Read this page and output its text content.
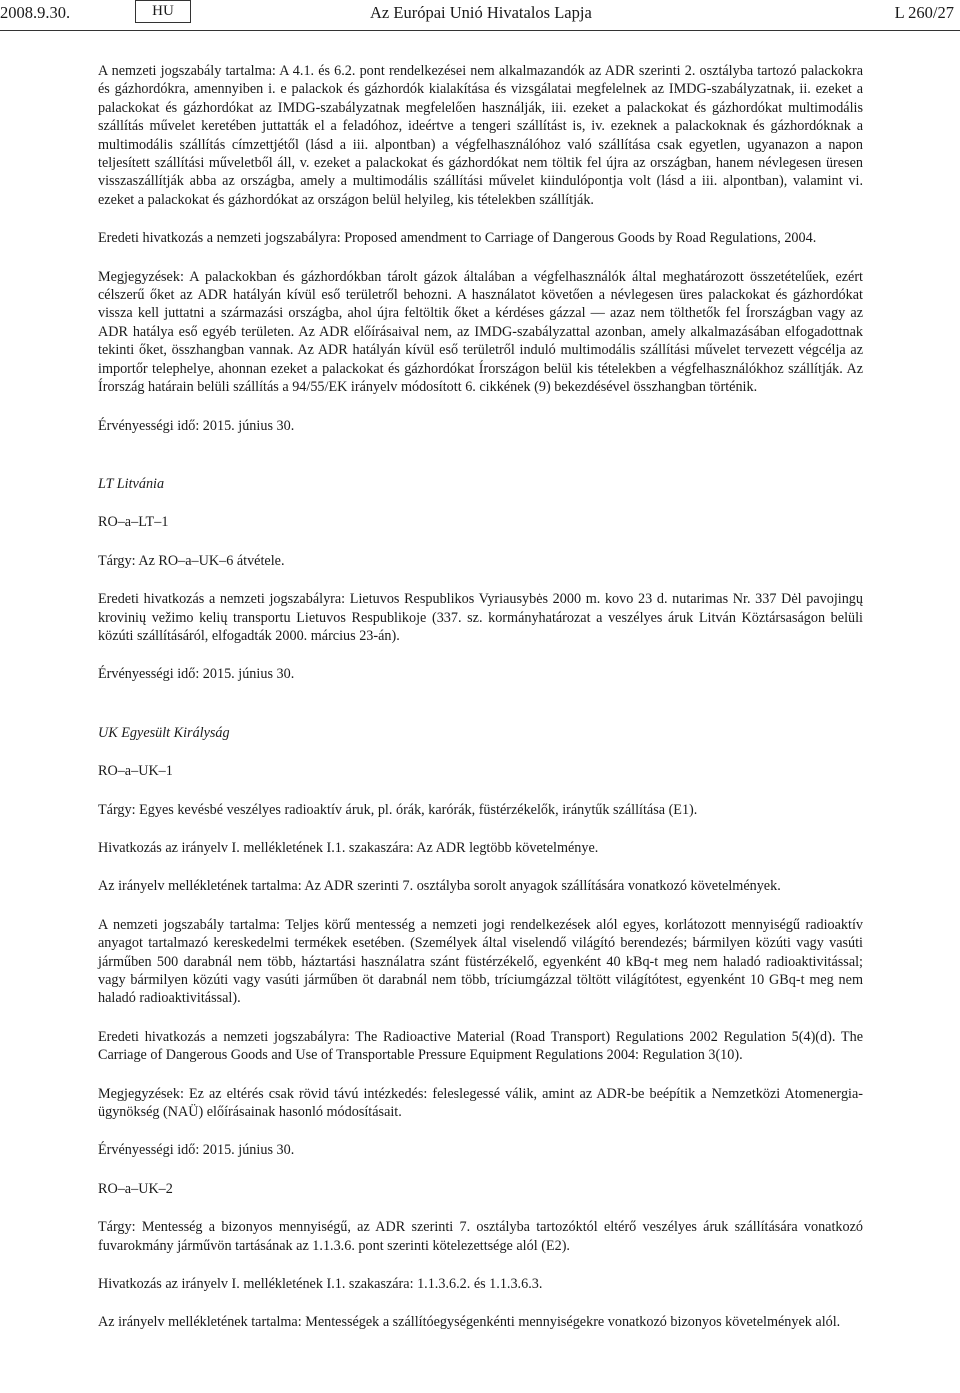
2008.9.30.	HU	Az Európai Unió Hivatalos Lapja	L 260/27

A nemzeti jogszabály tartalma: A 4.1. és 6.2. pont rendelkezései nem alkalmazandók az ADR szerinti 2. osztályba tartozó palackokra és gázhordókra, amennyiben i. e palackok és gázhordók kialakítása és vizsgálatai megfelelnek az IMDG-szabályzatnak, ii. ezeket a palackokat és gázhordókat az IMDG-szabályzatnak megfelelően használják, iii. ezeket a palackokat és gázhordókat multimodális szállítás művelet keretében juttatták el a feladóhoz, ideértve a tengeri szállítást is, iv. ezeknek a palackoknak és gázhordóknak a multimodális szállítás címzettjétől (lásd a iii. alpontban) a végfelhasználóhoz való szállítása csak egyetlen, ugyanazon a napon teljesített szállítási műveletből áll, v. ezeket a palackokat és gázhordókat nem töltik fel újra az országban, hanem névlegesen üresen visszaszállítják abba az országba, amely a multimodális szállítási művelet kiindulópontja volt (lásd a iii. alpontban), valamint vi. ezeket a palackokat és gázhordókat az országon belül helyileg, kis tételekben szállítják.

Eredeti hivatkozás a nemzeti jogszabályra: Proposed amendment to Carriage of Dangerous Goods by Road Regulations, 2004.

Megjegyzések: A palackokban és gázhordókban tárolt gázok általában a végfelhasználók által meghatározott összetételűek, ezért célszerű őket az ADR hatályán kívül eső területről behozni. A használatot követően a névlegesen üres palackokat és gázhordókat vissza kell juttatni a származási országba, ahol újra feltöltik őket a kérdéses gázzal — azaz nem tölthetők fel Írországban vagy az ADR hatálya eső egyéb területen. Az ADR előírásaival nem, az IMDG-szabályzattal azonban, amely alkalmazásában elfogadottnak tekinti őket, összhangban vannak. Az ADR hatályán kívül eső területről induló multimodális szállítási művelet tervezett végcélja az importőr telephelye, ahonnan ezeket a palackokat és gázhordókat Írországon belül kis tételekben a végfelhasználókhoz szállítják. Az Írország határain belüli szállítás a 94/55/EK irányelv módosított 6. cikkének (9) bekezdésével összhangban történik.

Érvényességi idő: 2015. június 30.

LT Litvánia

RO–a–LT–1

Tárgy: Az RO–a–UK–6 átvétele.

Eredeti hivatkozás a nemzeti jogszabályra: Lietuvos Respublikos Vyriausybės 2000 m. kovo 23 d. nutarimas Nr. 337 Dėl pavojingų krovinių vežimo kelių transportu Lietuvos Respublikoje (337. sz. kormányhatározat a veszélyes áruk Litván Köztársaságon belüli közúti szállításáról, elfogadták 2000. március 23-án).

Érvényességi idő: 2015. június 30.

UK Egyesült Királyság

RO–a–UK–1

Tárgy: Egyes kevésbé veszélyes radioaktív áruk, pl. órák, karórák, füstérzékelők, iránytűk szállítása (E1).

Hivatkozás az irányelv I. mellékletének I.1. szakaszára: Az ADR legtöbb követelménye.

Az irányelv mellékletének tartalma: Az ADR szerinti 7. osztályba sorolt anyagok szállítására vonatkozó követelmények.

A nemzeti jogszabály tartalma: Teljes körű mentesség a nemzeti jogi rendelkezések alól egyes, korlátozott mennyiségű radioaktív anyagot tartalmazó kereskedelmi termékek esetében. (Személyek által viselendő világító berendezés; bármilyen közúti vagy vasúti járműben 500 darabnál nem több, háztartási használatra szánt füstérzékelő, egyenként 40 kBq-t meg nem haladó radioaktivitással; vagy bármilyen közúti vagy vasúti járműben öt darabnál nem több, tríciumgázzal töltött világítótest, egyenként 10 GBq-t meg nem haladó radioaktivitással).

Eredeti hivatkozás a nemzeti jogszabályra: The Radioactive Material (Road Transport) Regulations 2002 Regulation 5(4)(d). The Carriage of Dangerous Goods and Use of Transportable Pressure Equipment Regulations 2004: Regulation 3(10).

Megjegyzések: Ez az eltérés csak rövid távú intézkedés: feleslegessé válik, amint az ADR-be beépítik a Nemzetközi Atomenergia-ügynökség (NAÜ) előírásainak hasonló módosításait.

Érvényességi idő: 2015. június 30.

RO–a–UK–2

Tárgy: Mentesség a bizonyos mennyiségű, az ADR szerinti 7. osztályba tartozóktól eltérő veszélyes áruk szállítására vonatkozó fuvarokmány járművön tartásának az 1.1.3.6. pont szerinti kötelezettsége alól (E2).

Hivatkozás az irányelv I. mellékletének I.1. szakaszára: 1.1.3.6.2. és 1.1.3.6.3.

Az irányelv mellékletének tartalma: Mentességek a szállítóegységenkénti mennyiségekre vonatkozó bizonyos követelmények alól.
